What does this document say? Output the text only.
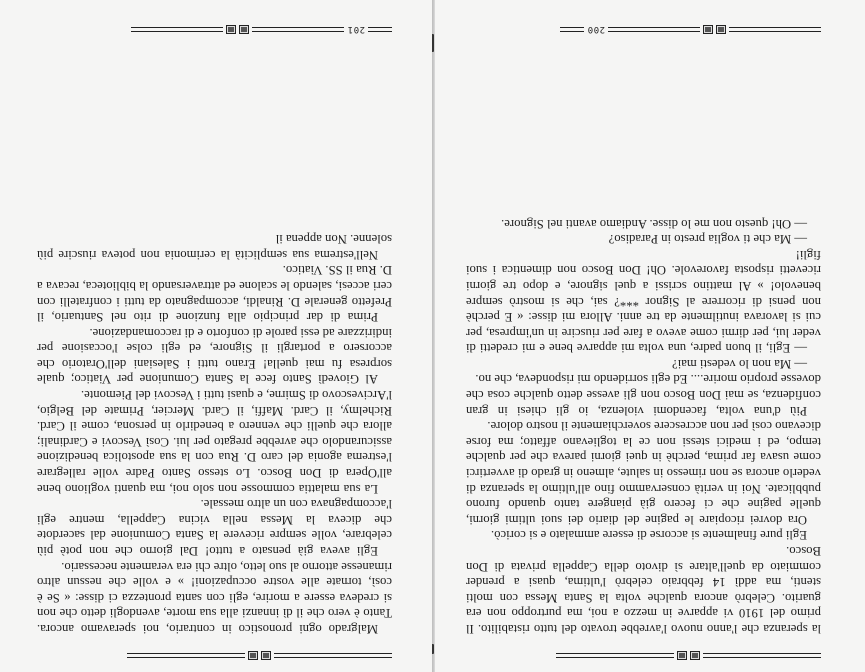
la speranza che l'anno nuovo l'avrebbe trovato del tutto ristabilito. Il primo del 1910 vi apparve in mezzo a noi, ma purtroppo non era guarito. Celebrò ancora qualche volta la Santa Messa con molti stenti, ma addì 14 febbraio celebrò l'ultima, quasi a prender commiato da quell'altare sì divoto della Cappella privata di Don Bosco.

Egli pure finalmente si accorse di essere ammalato e si coricò.

Ora dovrei ricopiare le pagine del diario dei suoi ultimi giorni, quelle pagine che ci fecero già piangere tanto quando furono pubblicate. Noi in verità conservammo fino all'ultimo la speranza di vederlo ancora se non rimesso in salute, almeno in grado di avvertirci come usava far prima, perchè in quei giorni pareva che per qualche tempo, ed i medici stessi non ce la toglievano affatto; ma forse dicevano così per non accrescere soverchiamente il nostro dolore.

Più d'una volta, facendomi violenza, io gli chiesi in gran confidenza, se mai Don Bosco non gli avesse detto qualche cosa che dovesse proprio morire.... Ed egli sorridendo mi rispondeva, che no.

— Ma non lo vedesti mai?

— Egli, il buon padre, una volta mi apparve bene e mi credetti di veder lui, per dirmi come avevo a fare per riuscire in un'impresa, per cui si lavorava inutilmente da tre anni. Allora mi disse: « E perchè non pensi di ricorrere al Signor ***? sai, che si mostrò sempre benevolo! » Al mattino scrissi a quel signore, e dopo tre giorni ricevetti risposta favorevole. Oh! Don Bosco non dimentica i suoi figli!

— Ma che ti voglia presto in Paradiso?

— Oh! questo non me lo disse. Andiamo avanti nel Signore.

200

Malgrado ogni pronostico in contrario, noi speravamo ancora. Tanto è vero che il dì innanzi alla sua morte, avendogli detto che non si credeva essere a morire, egli con santa prontezza ci disse: « Se è così, tornate alle vostre occupazioni! » e volle che nessun altro rimanesse attorno al suo letto, oltre chi era veramente necessario.

Egli aveva già pensato a tutto! Dal giorno che non potè più celebrare, volle sempre ricevere la Santa Comunione dal sacerdote che diceva la Messa nella vicina Cappella, mentre egli l'accompagnava con un altro messale.

La sua malattia commosse non solo noi, ma quanti vogliono bene all'Opera di Don Bosco. Lo stesso Santo Padre volle rallegrare l'estrema agonia del caro D. Rua con la sua apostolica benedizione assicurandolo che avrebbe pregato per lui. Così Vescovi e Cardinali; allora che quelli che vennero a benedirlo in persona, come il Card. Richelmy, il Card. Maffi, il Card. Mercier, Primate del Belgio, l'Arcivescovo di Smirne, e quasi tutti i Vescovi del Piemonte.

Al Giovedì Santo fece la Santa Comunione per Viatico; quale sorpresa fu mai quella! Erano tutti i Salesiani dell'Oratorio che accorsero a portargli il Signore, ed egli colse l'occasione per indirizzare ad essi parole di conforto e di raccomandazione.

Prima di dar principio alla funzione di rito nel Santuario, il Prefetto generale D. Rinaldi, accompagnato da tutti i confratelli con ceri accesi, salendo le scalone ed attraversando la biblioteca, recava a D. Rua il SS. Viatico.

Nell'estrema sua semplicità la cerimonia non poteva riuscire più solenne. Non appena il

201
